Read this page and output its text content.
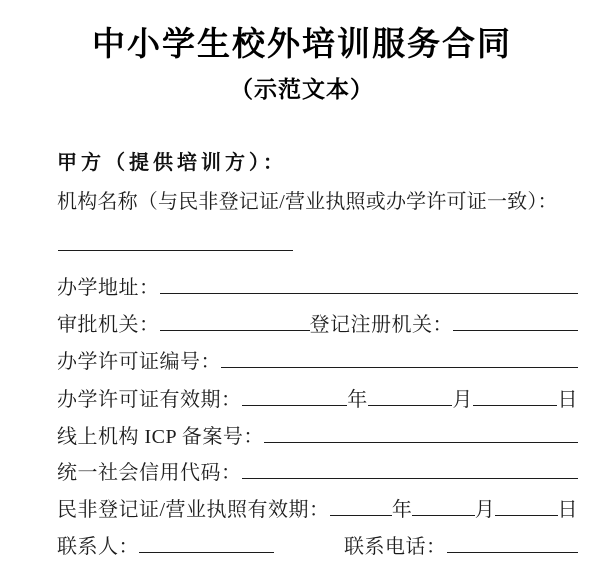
中小学生校外培训服务合同
（示范文本）
甲方（提供培训方）：
机构名称（与民非登记证/营业执照或办学许可证一致）：
办学地址：
审批机关：	登记注册机关：
办学许可证编号：
办学许可证有效期：	年	月	日
线上机构 ICP 备案号：
统一社会信用代码：
民非登记证/营业执照有效期：	年	月	日
联系人：	联系电话：
